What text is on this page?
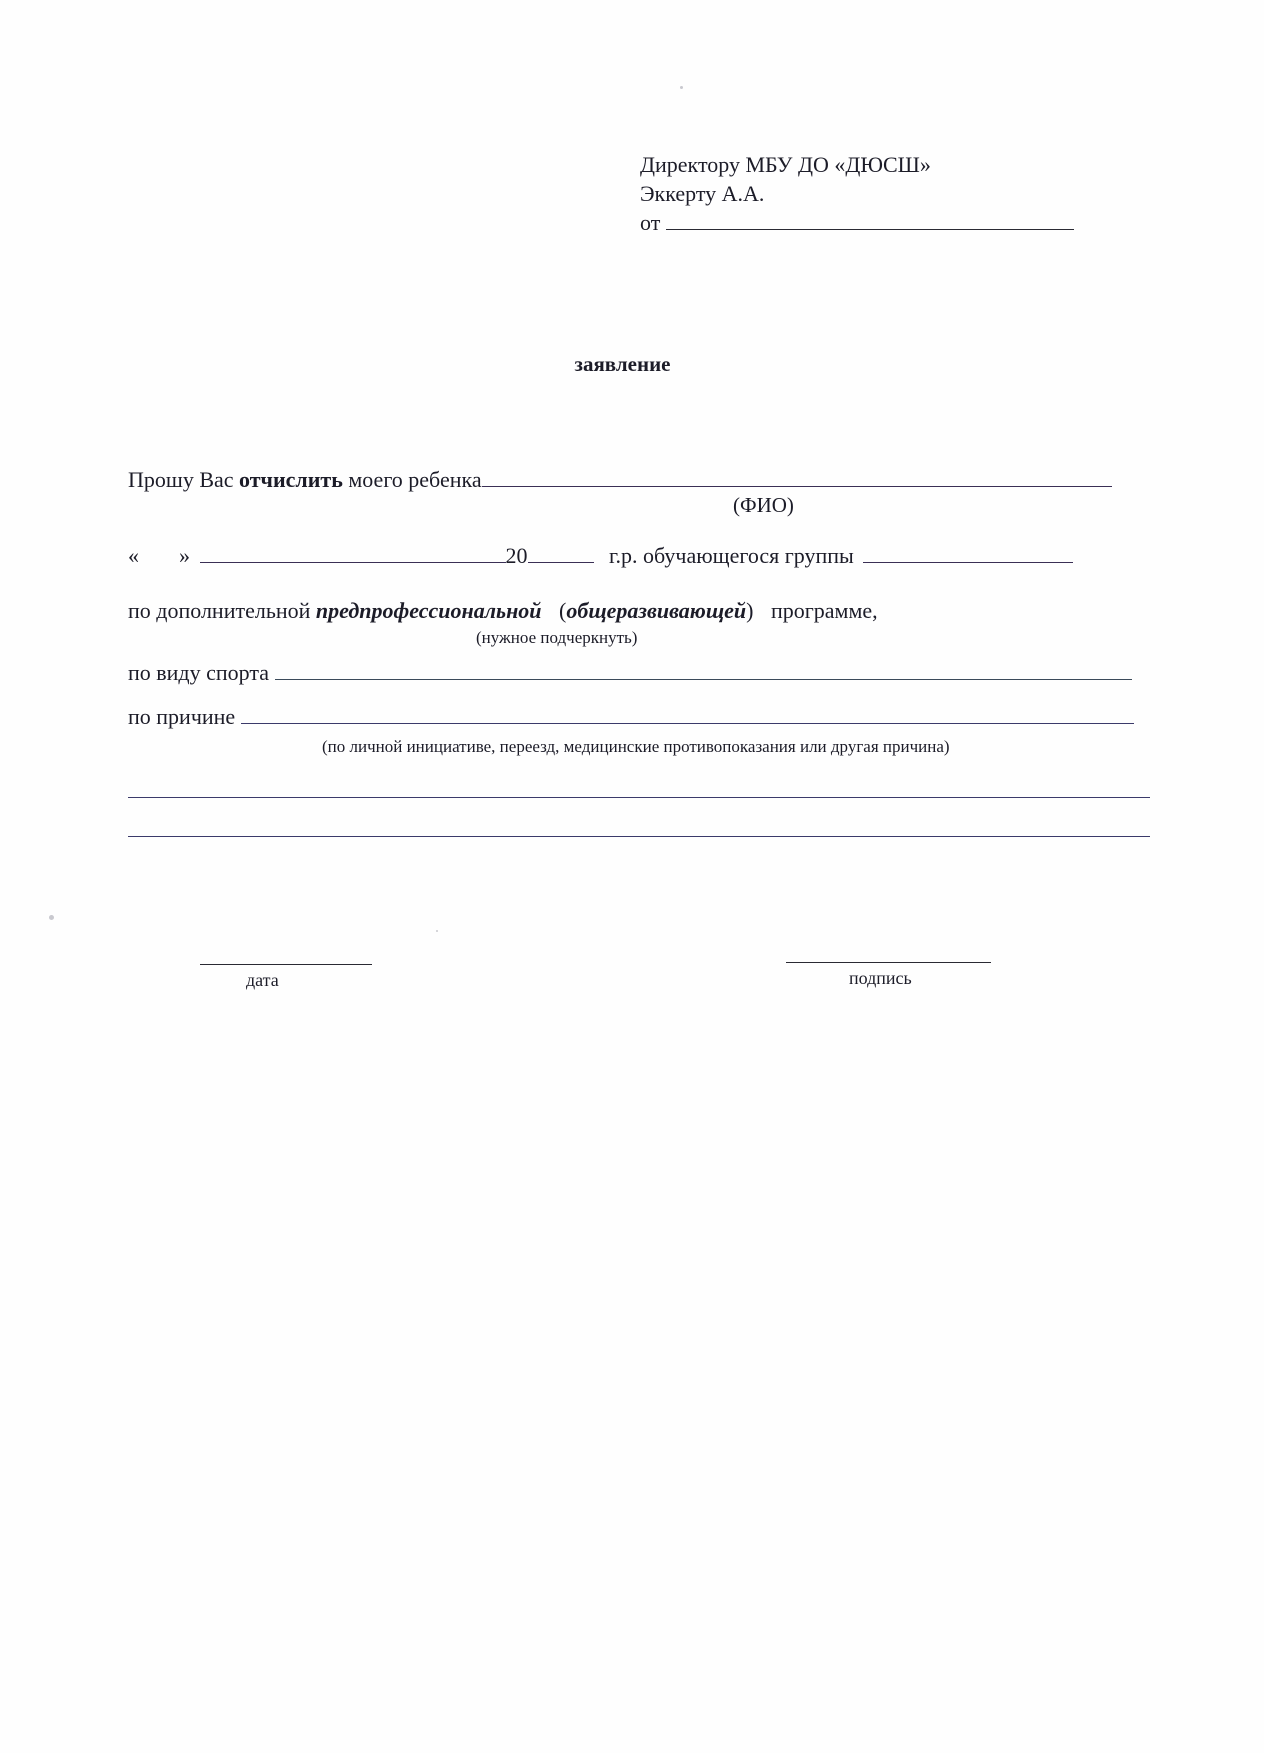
Директору МБУ ДО «ДЮСШ»
Эккерту А.А.
от
заявление
Прошу Вас отчислить моего ребенка
(ФИО)
« »	20	г.р. обучающегося группы
по дополнительной предпрофессиональной (общеразвивающей) программе,
(нужное подчеркнуть)
по виду спорта
по причине
(по личной инициативе, переезд, медицинские противопоказания или другая причина)
дата	подпись
